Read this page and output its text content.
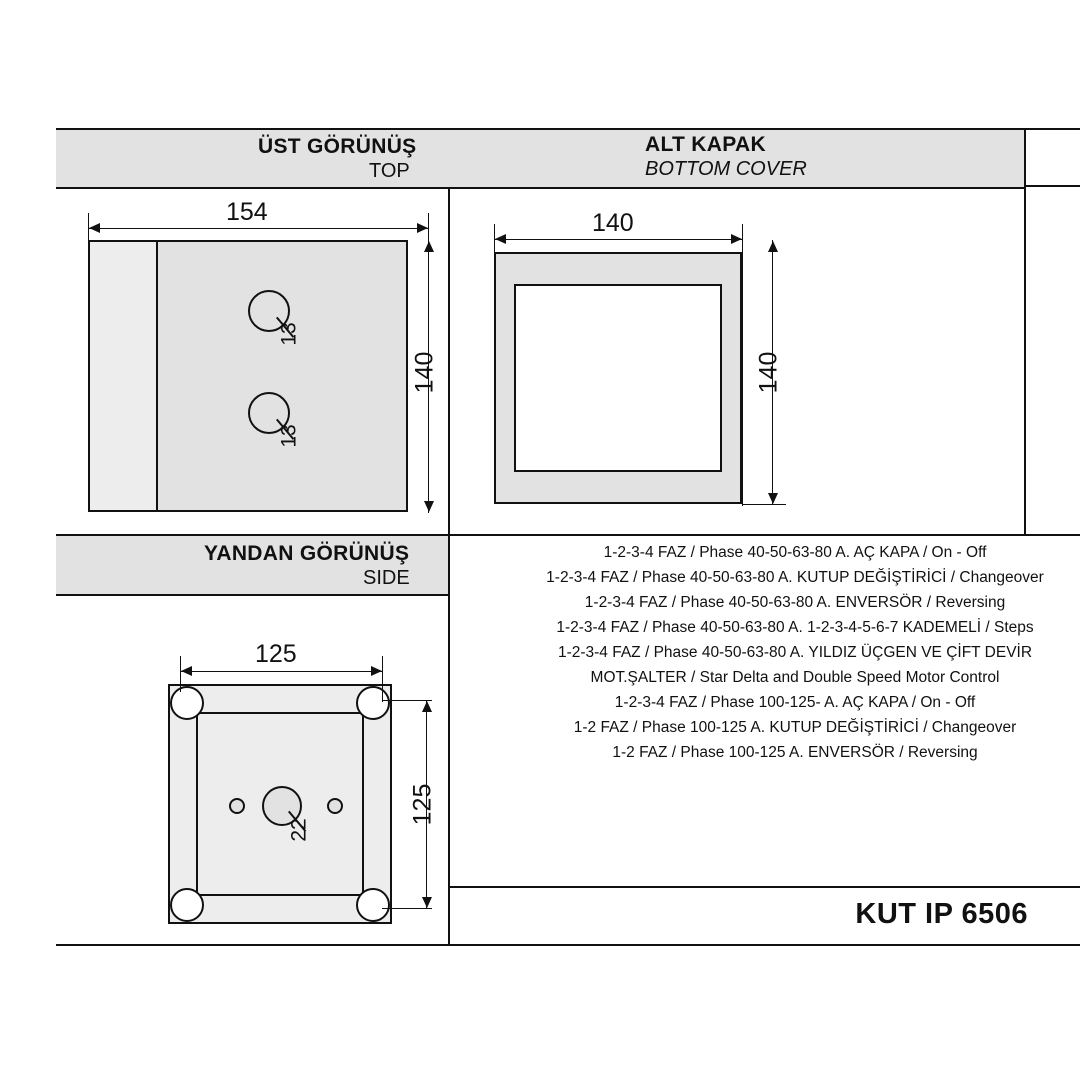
ÜST GÖRÜNÜŞ
TOP
ALT KAPAK
BOTTOM COVER
YANDAN GÖRÜNÜŞ
SIDE
13
13
154
140
140
140
22
125
125
1-2-3-4 FAZ / Phase 40-50-63-80 A. AÇ KAPA / On - Off
1-2-3-4 FAZ / Phase 40-50-63-80 A. KUTUP DEĞİŞTİRİCİ / Changeover
1-2-3-4 FAZ / Phase 40-50-63-80 A. ENVERSÖR / Reversing
1-2-3-4 FAZ / Phase 40-50-63-80 A. 1-2-3-4-5-6-7 KADEMELİ / Steps
1-2-3-4 FAZ / Phase 40-50-63-80 A. YILDIZ ÜÇGEN VE ÇİFT DEVİR
MOT.ŞALTER / Star Delta and Double Speed Motor Control
1-2-3-4 FAZ / Phase 100-125- A. AÇ KAPA / On - Off
1-2 FAZ / Phase 100-125 A. KUTUP DEĞİŞTİRİCİ / Changeover
1-2 FAZ / Phase 100-125 A. ENVERSÖR / Reversing
KUT IP 6506
